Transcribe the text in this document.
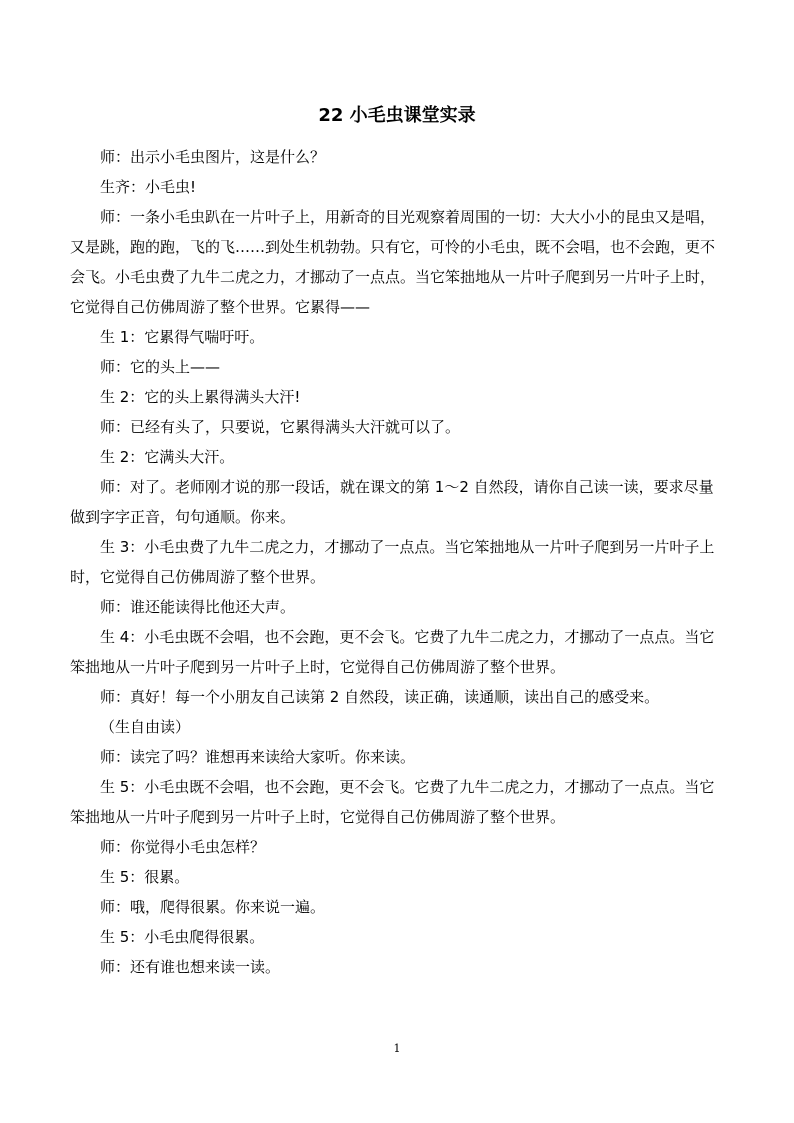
22 小毛虫课堂实录

师：出示小毛虫图片，这是什么？

生齐：小毛虫!

师：一条小毛虫趴在一片叶子上，用新奇的目光观察着周围的一切：大大小小的昆虫又是唱，又是跳，跑的跑，飞的飞……到处生机勃勃。只有它，可怜的小毛虫，既不会唱，也不会跑，更不会飞。小毛虫费了九牛二虎之力，才挪动了一点点。当它笨拙地从一片叶子爬到另一片叶子上时，它觉得自己仿佛周游了整个世界。它累得——

生 1：它累得气喘吁吁。

师：它的头上——

生 2：它的头上累得满头大汗!

师：已经有头了，只要说，它累得满头大汗就可以了。

生 2：它满头大汗。

师：对了。老师刚才说的那一段话，就在课文的第 1～2 自然段，请你自己读一读，要求尽量做到字字正音，句句通顺。你来。

生 3：小毛虫费了九牛二虎之力，才挪动了一点点。当它笨拙地从一片叶子爬到另一片叶子上时，它觉得自己仿佛周游了整个世界。

师：谁还能读得比他还大声。

生 4：小毛虫既不会唱，也不会跑，更不会飞。它费了九牛二虎之力，才挪动了一点点。当它笨拙地从一片叶子爬到另一片叶子上时，它觉得自己仿佛周游了整个世界。

师：真好！每一个小朋友自己读第 2 自然段，读正确，读通顺，读出自己的感受来。

（生自由读）

师：读完了吗？谁想再来读给大家听。你来读。

生 5：小毛虫既不会唱，也不会跑，更不会飞。它费了九牛二虎之力，才挪动了一点点。当它笨拙地从一片叶子爬到另一片叶子上时，它觉得自己仿佛周游了整个世界。

师：你觉得小毛虫怎样？

生 5：很累。

师：哦，爬得很累。你来说一遍。

生 5：小毛虫爬得很累。

师：还有谁也想来读一读。

1
